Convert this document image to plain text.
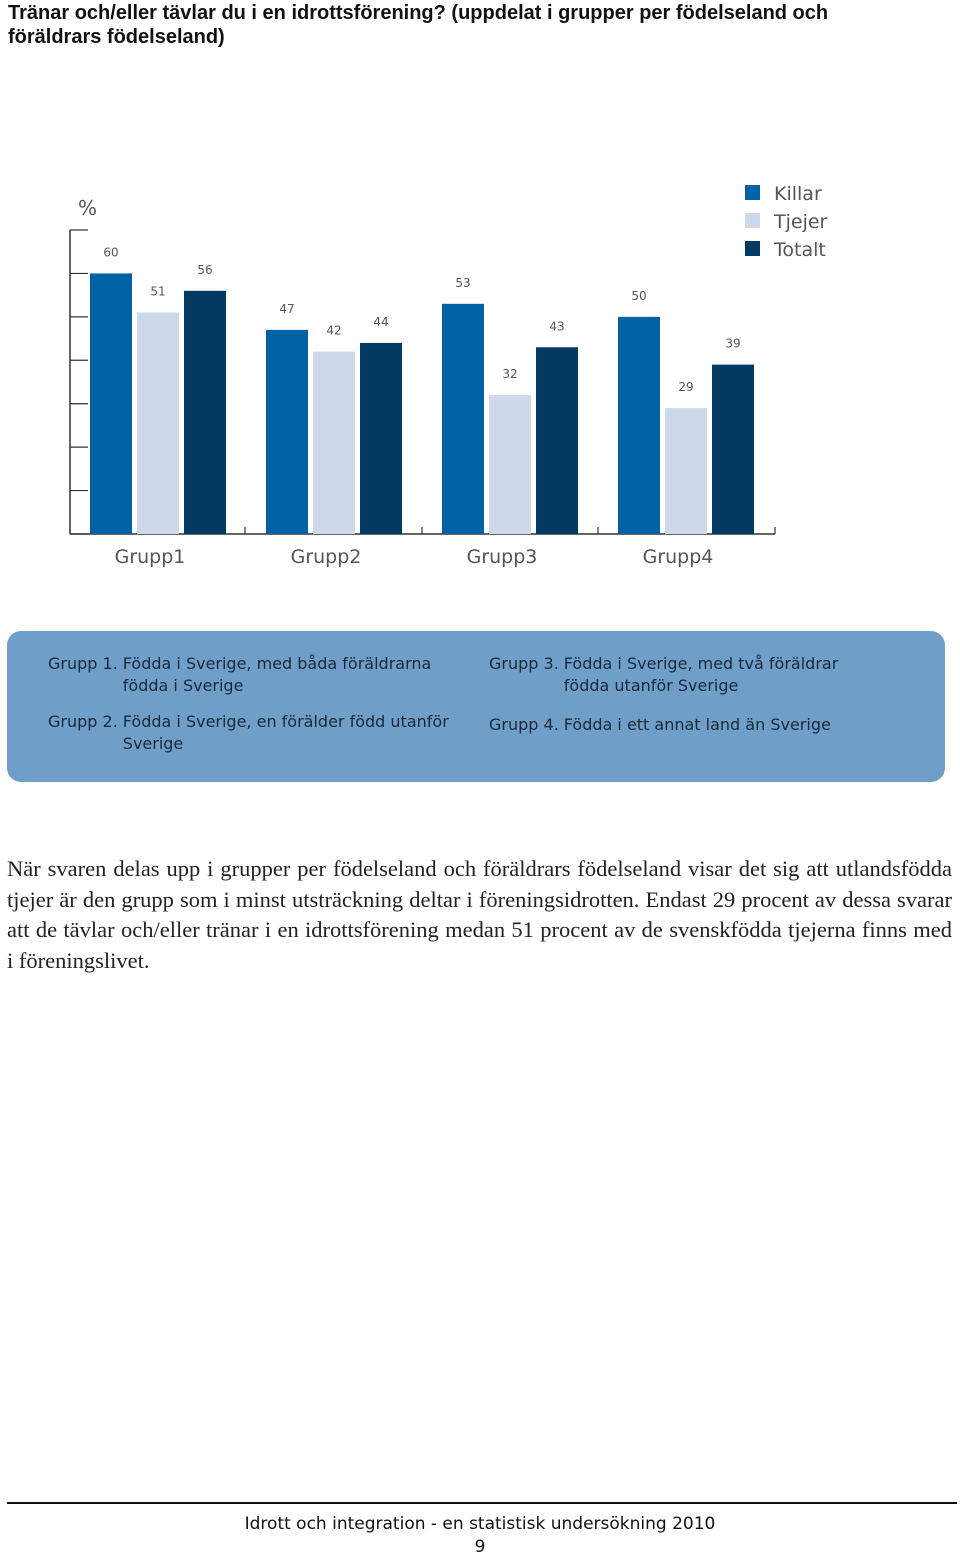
Tränar och/eller tävlar du i en idrottsförening? (uppdelat i grupper per födelseland och föräldrars födelseland)
%
60
51
56
Grupp1
47
42
44
Grupp2
53
32
43
Grupp3
50
29
39
Grupp4
Killar
Tjejer
Totalt
Grupp 1. Födda i Sverige, med båda föräldrarna födda i Sverige
Grupp 2. Födda i Sverige, en förälder född utanför Sverige
Grupp 3. Födda i Sverige, med två föräldrar födda utanför Sverige
Grupp 4. Födda i ett annat land än Sverige
När svaren delas upp i grupper per födelseland och föräldrars födelseland visar det sig att utlandsfödda tjejer är den grupp som i minst utsträckning deltar i föreningsidrotten. Endast 29 procent av dessa svarar att de tävlar och/eller tränar i en idrottsförening medan 51 procent av de svenskfödda tjejerna finns med i föreningslivet.
Idrott och integration - en statistisk undersökning 2010
9
